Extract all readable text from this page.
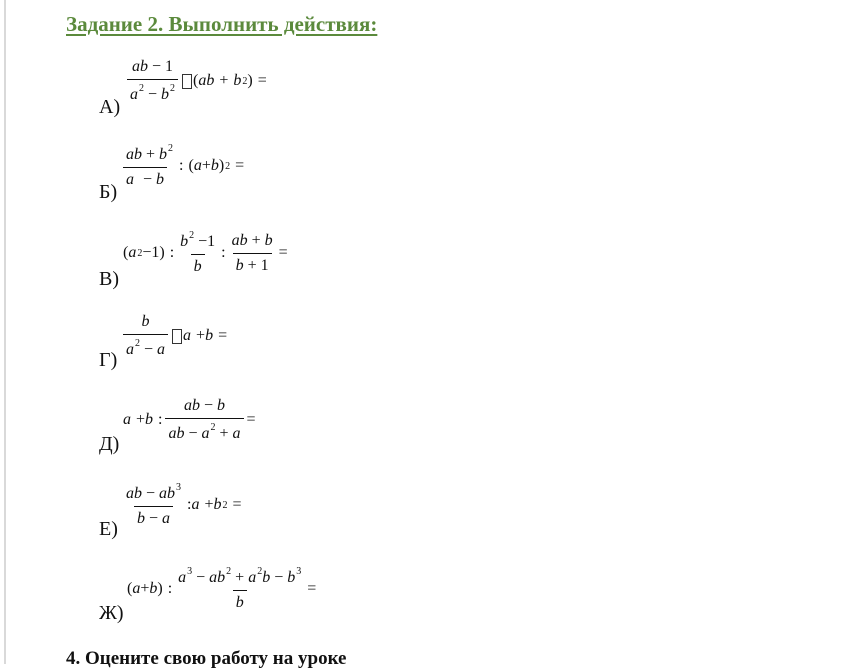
Задание 2. Выполнить действия:
$\frac{ab - 1}{a^2 - b^2}$ ( ab + b 2 ) =
А)
$\frac{ab + b^2}{a - b}$ : ( a + b ) 2 =
Б)
( a 2 − 1 ) : $\frac{b^2 -1}{b}$ : $\frac{ab + b}{b + 1}$ =
В)
$\frac{b}{a^2 - a}$ a + b =
Г)
a + b : $\frac{ab - b}{ab - a^2 + a}$ =
Д)
$\frac{ab - ab^3}{b - a}$ : a + b 2 =
Е)
( a + b ) : $\frac{a^3 - ab^2 + a^2b - b^3}{b}$ =
Ж)
4. Оцените свою работу на уроке
